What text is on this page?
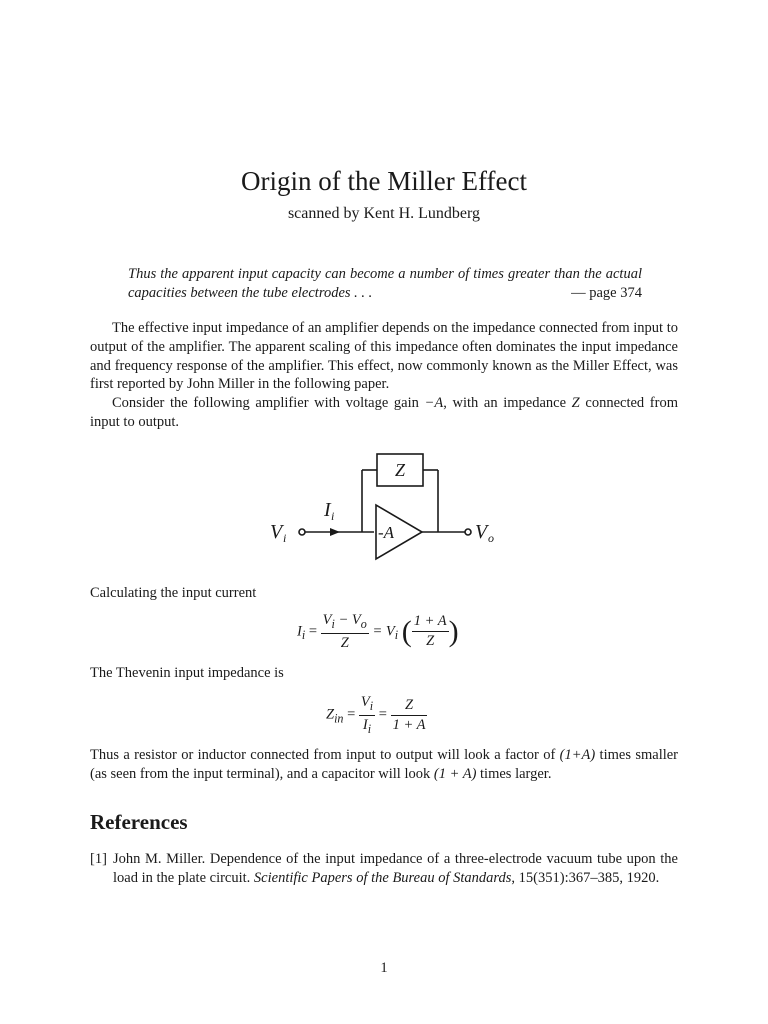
Origin of the Miller Effect
scanned by Kent H. Lundberg
Thus the apparent input capacity can become a number of times greater than the actual capacities between the tube electrodes . . .	— page 374

The effective input impedance of an amplifier depends on the impedance connected from input to output of the amplifier. The apparent scaling of this impedance often dominates the input impedance and frequency response of the amplifier. This effect, now commonly known as the Miller Effect, was first reported by John Miller in the following paper.

Consider the following amplifier with voltage gain −A, with an impedance Z connected from input to output.

Z
-A
I i
V i	V o

Calculating the input current

$I_i = \frac{V_i - V_o}{Z} = V_i$ ( $\frac{1 + A}{Z}$ )

The Thevenin input impedance is

$Z_{in} = \frac{V_i}{I_i} = \frac{Z}{1 + A}$

Thus a resistor or inductor connected from input to output will look a factor of (1+A) times smaller (as seen from the input terminal), and a capacitor will look (1 + A) times larger.

References
[1] John M. Miller. Dependence of the input impedance of a three-electrode vacuum tube upon the load in the plate circuit. Scientific Papers of the Bureau of Standards, 15(351):367–385, 1920.
1
